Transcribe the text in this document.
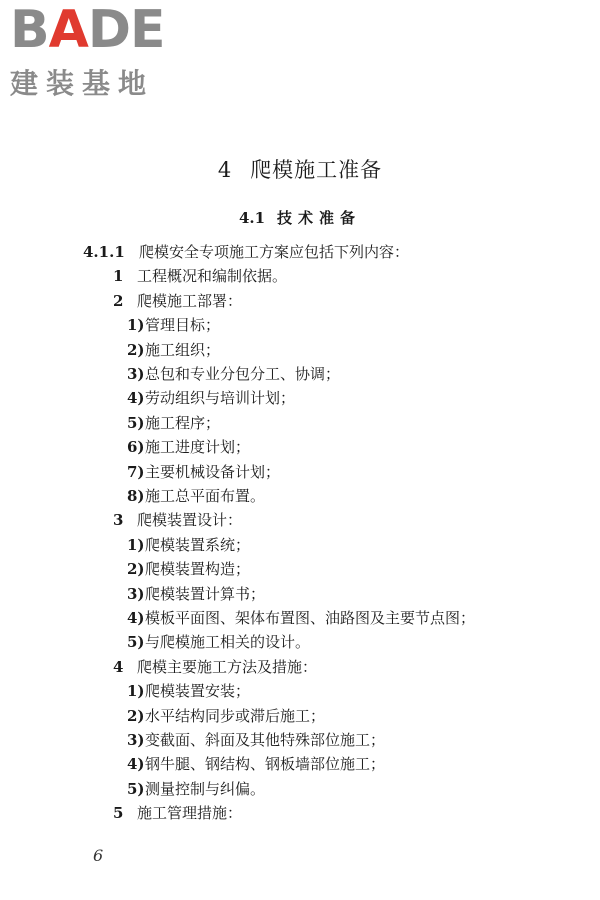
BADE
建装基地
4 爬模施工准备
4.1 技术准备
4.1.1 爬模安全专项施工方案应包括下列内容：
1 工程概况和编制依据。
2 爬模施工部署：
1)管理目标；
2)施工组织；
3)总包和专业分包分工、协调；
4)劳动组织与培训计划；
5)施工程序；
6)施工进度计划；
7)主要机械设备计划；
8)施工总平面布置。
3 爬模装置设计：
1)爬模装置系统；
2)爬模装置构造；
3)爬模装置计算书；
4)模板平面图、架体布置图、油路图及主要节点图；
5)与爬模施工相关的设计。
4 爬模主要施工方法及措施：
1)爬模装置安装；
2)水平结构同步或滞后施工；
3)变截面、斜面及其他特殊部位施工；
4)钢牛腿、钢结构、钢板墙部位施工；
5)测量控制与纠偏。
5 施工管理措施：
6
